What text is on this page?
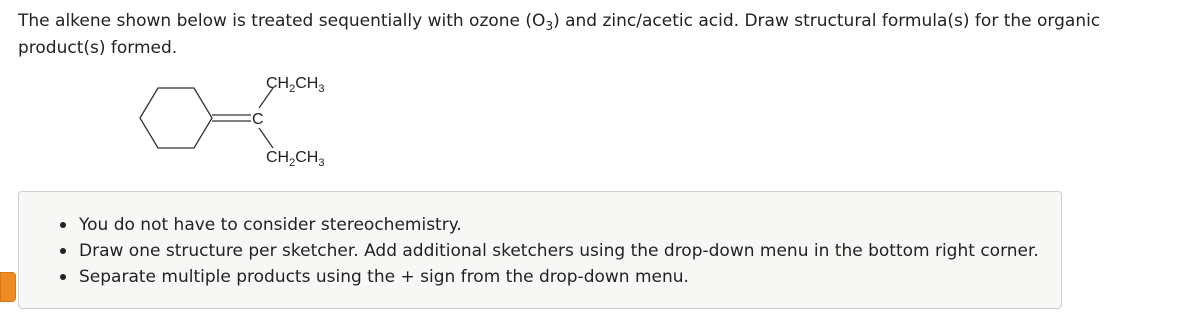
The alkene shown below is treated sequentially with ozone $(O_3)$ and zinc/acetic acid. Draw structural formula(s) for the organic product(s) formed.
C
$CH_2CH_3$
$CH_2CH_3$
You do not have to consider stereochemistry.
Draw one structure per sketcher. Add additional sketchers using the drop-down menu in the bottom right corner.
Separate multiple products using the + sign from the drop-down menu.
